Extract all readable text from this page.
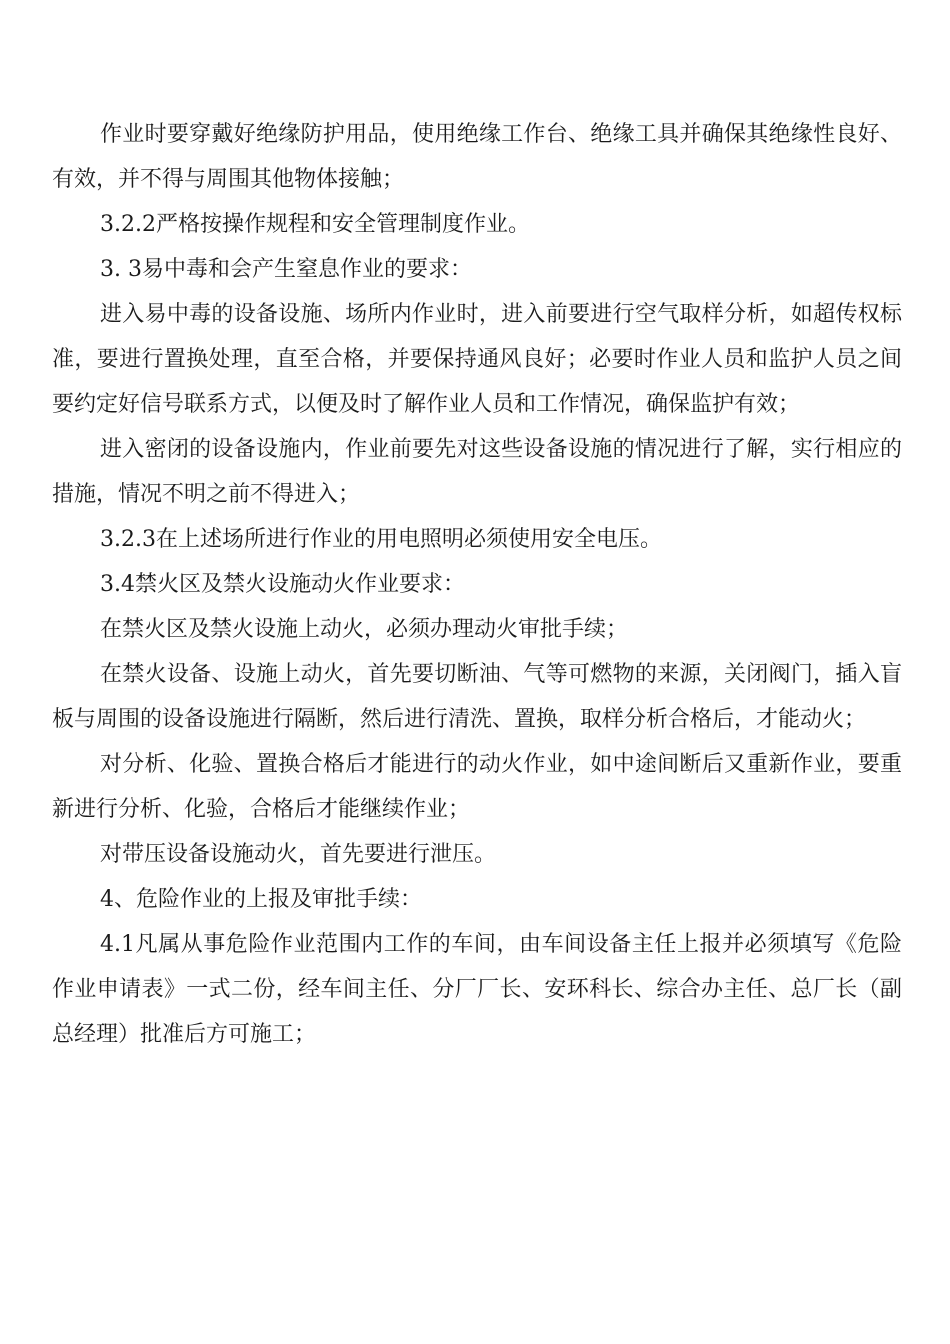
作业时要穿戴好绝缘防护用品，使用绝缘工作台、绝缘工具并确保其绝缘性良好、有效，并不得与周围其他物体接触；

3.2.2严格按操作规程和安全管理制度作业。

3. 3易中毒和会产生窒息作业的要求：

进入易中毒的设备设施、场所内作业时，进入前要进行空气取样分析，如超传权标准，要进行置换处理，直至合格，并要保持通风良好；必要时作业人员和监护人员之间要约定好信号联系方式，以便及时了解作业人员和工作情况，确保监护有效；

进入密闭的设备设施内，作业前要先对这些设备设施的情况进行了解，实行相应的措施，情况不明之前不得进入；

3.2.3在上述场所进行作业的用电照明必须使用安全电压。

3.4禁火区及禁火设施动火作业要求：

在禁火区及禁火设施上动火，必须办理动火审批手续；

在禁火设备、设施上动火，首先要切断油、气等可燃物的来源，关闭阀门，插入盲板与周围的设备设施进行隔断，然后进行清洗、置换，取样分析合格后，才能动火；

对分析、化验、置换合格后才能进行的动火作业，如中途间断后又重新作业，要重新进行分析、化验，合格后才能继续作业；

对带压设备设施动火，首先要进行泄压。

4、危险作业的上报及审批手续：

4.1凡属从事危险作业范围内工作的车间，由车间设备主任上报并必须填写《危险作业申请表》一式二份，经车间主任、分厂厂长、安环科长、综合办主任、总厂长（副总经理）批准后方可施工；
